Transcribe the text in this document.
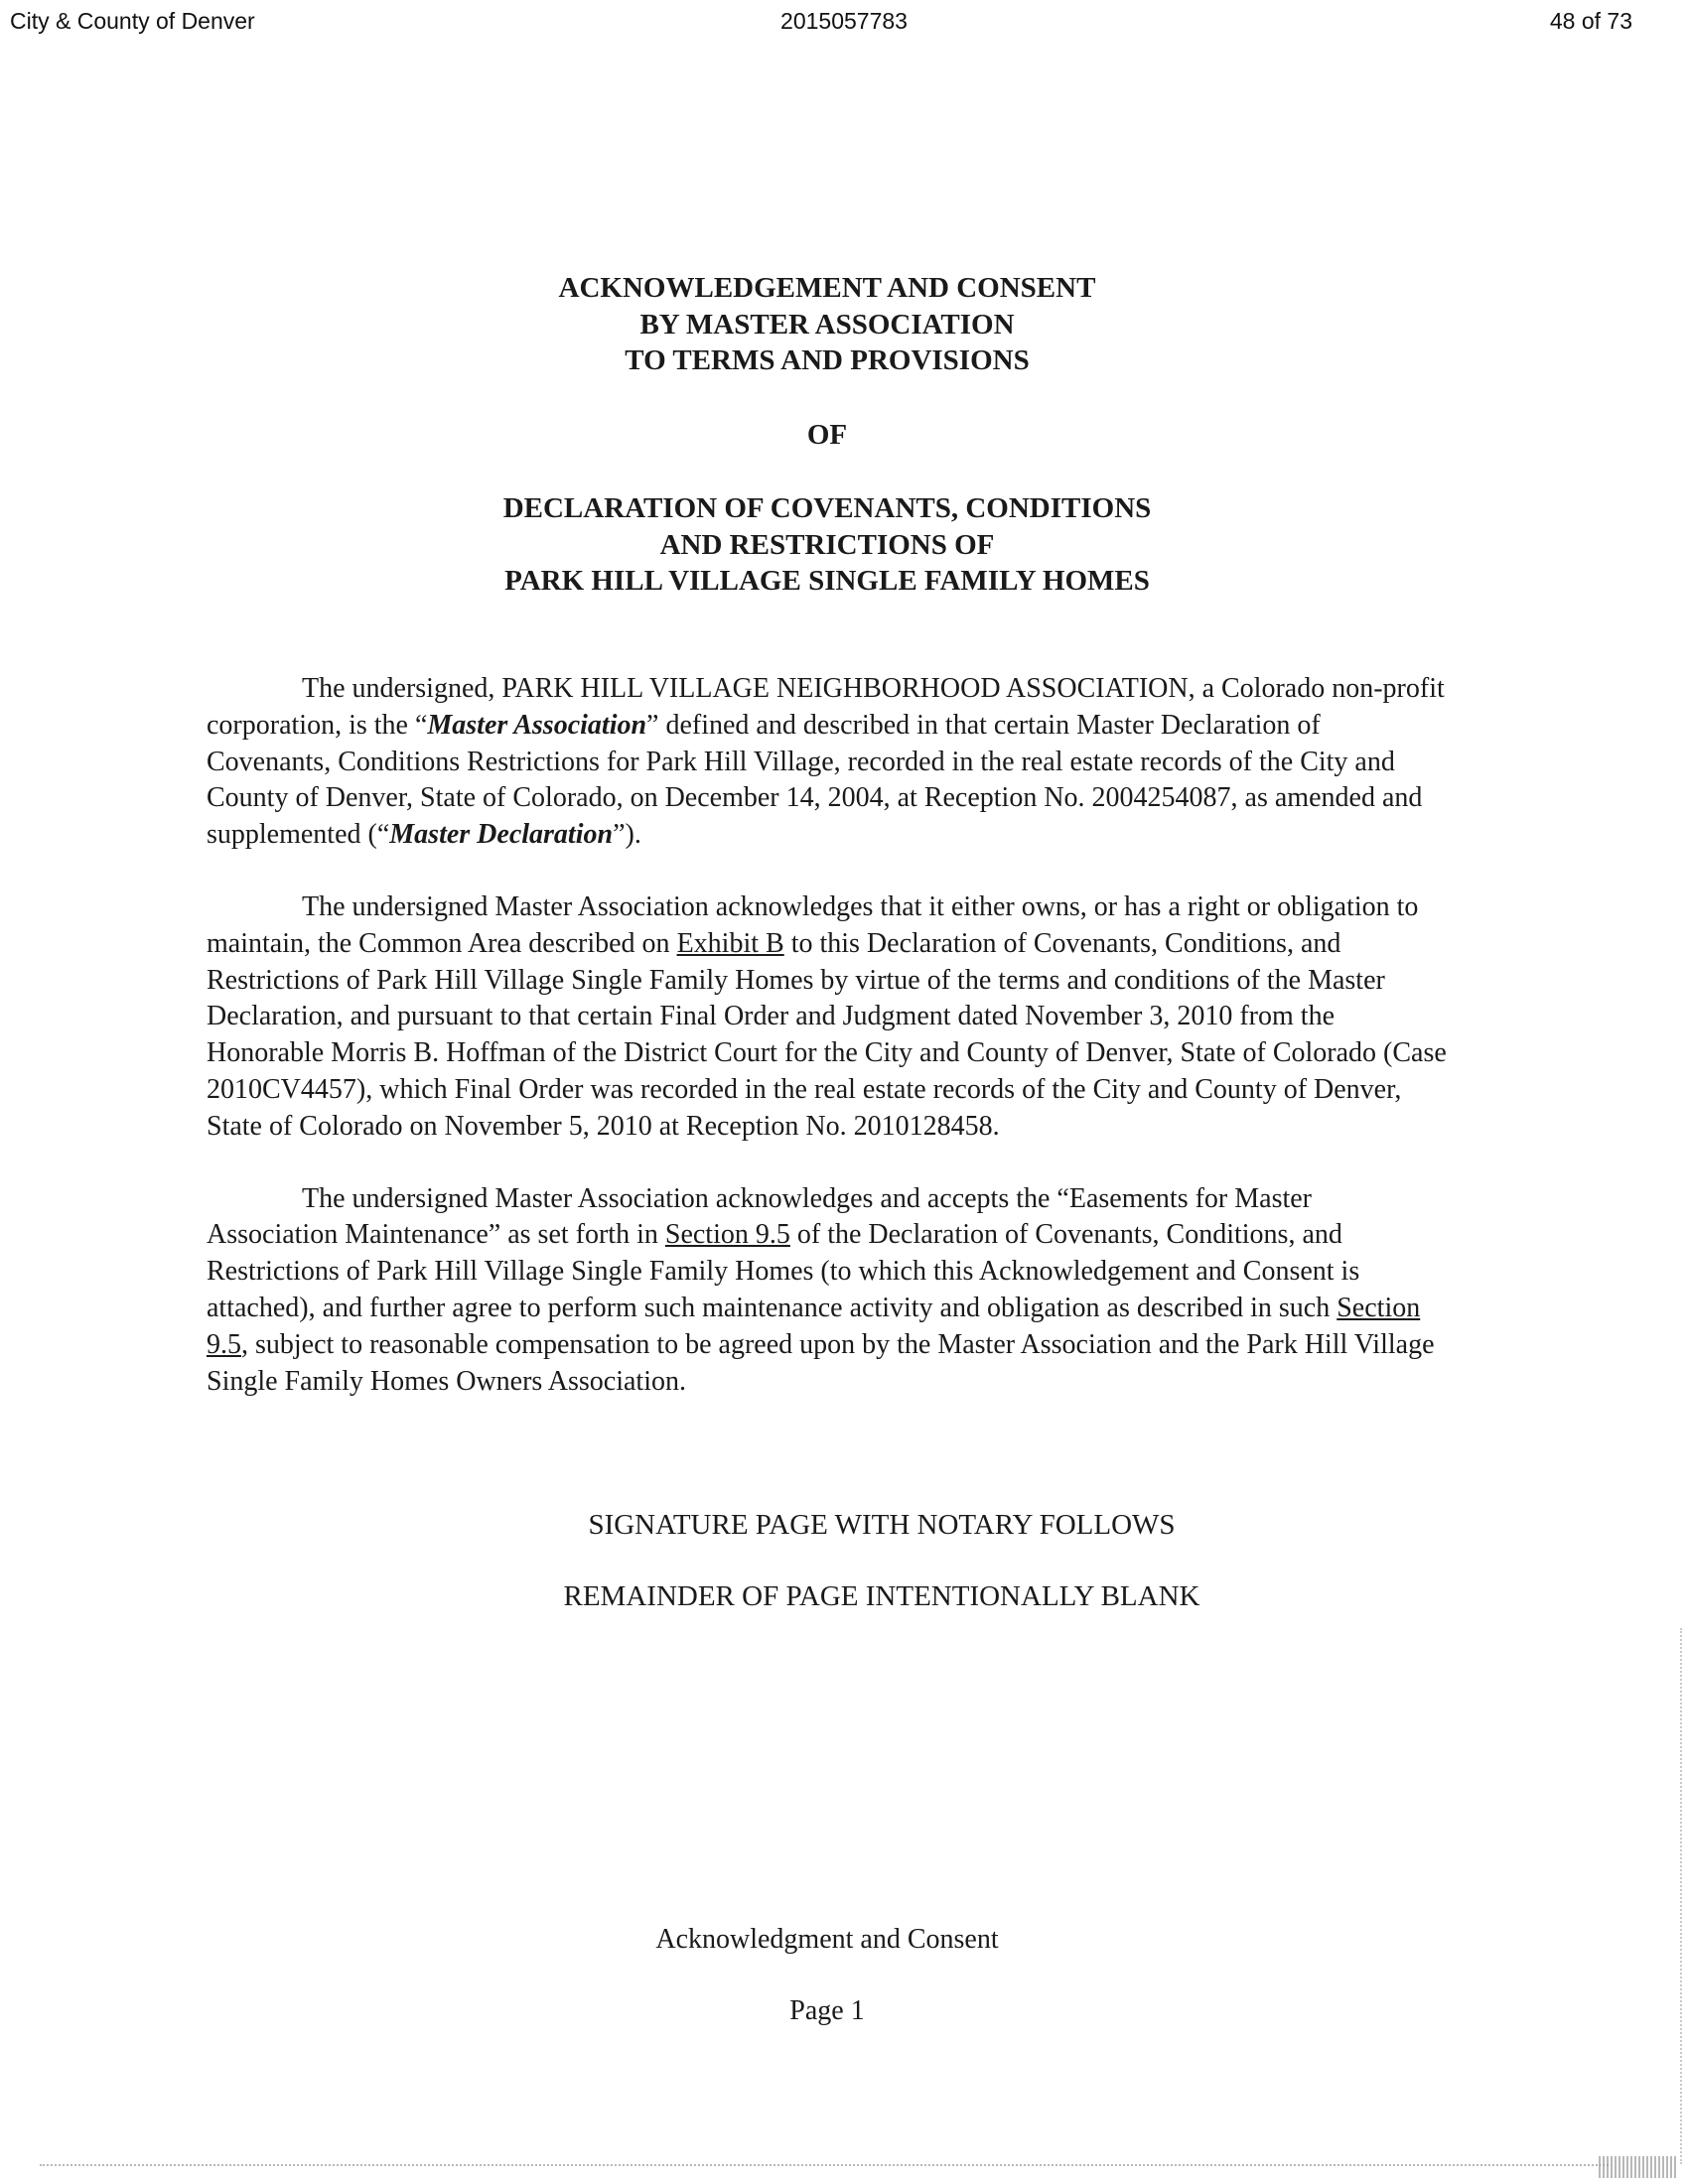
City & County of Denver	2015057783	48 of 73
ACKNOWLEDGEMENT AND CONSENT
BY MASTER ASSOCIATION
TO TERMS AND PROVISIONS
OF
DECLARATION OF COVENANTS, CONDITIONS
AND RESTRICTIONS OF
PARK HILL VILLAGE SINGLE FAMILY HOMES

The undersigned, PARK HILL VILLAGE NEIGHBORHOOD ASSOCIATION, a Colorado non-profit corporation, is the “Master Association” defined and described in that certain Master Declaration of Covenants, Conditions Restrictions for Park Hill Village, recorded in the real estate records of the City and County of Denver, State of Colorado, on December 14, 2004, at Reception No. 2004254087, as amended and supplemented (“Master Declaration”).

The undersigned Master Association acknowledges that it either owns, or has a right or obligation to maintain, the Common Area described on Exhibit B to this Declaration of Covenants, Conditions, and Restrictions of Park Hill Village Single Family Homes by virtue of the terms and conditions of the Master Declaration, and pursuant to that certain Final Order and Judgment dated November 3, 2010 from the Honorable Morris B. Hoffman of the District Court for the City and County of Denver, State of Colorado (Case 2010CV4457), which Final Order was recorded in the real estate records of the City and County of Denver, State of Colorado on November 5, 2010 at Reception No. 2010128458.

The undersigned Master Association acknowledges and accepts the “Easements for Master Association Maintenance” as set forth in Section 9.5 of the Declaration of Covenants, Conditions, and Restrictions of Park Hill Village Single Family Homes (to which this Acknowledgement and Consent is attached), and further agree to perform such maintenance activity and obligation as described in such Section 9.5, subject to reasonable compensation to be agreed upon by the Master Association and the Park Hill Village Single Family Homes Owners Association.

SIGNATURE PAGE WITH NOTARY FOLLOWS
REMAINDER OF PAGE INTENTIONALLY BLANK
Acknowledgment and Consent
Page 1
